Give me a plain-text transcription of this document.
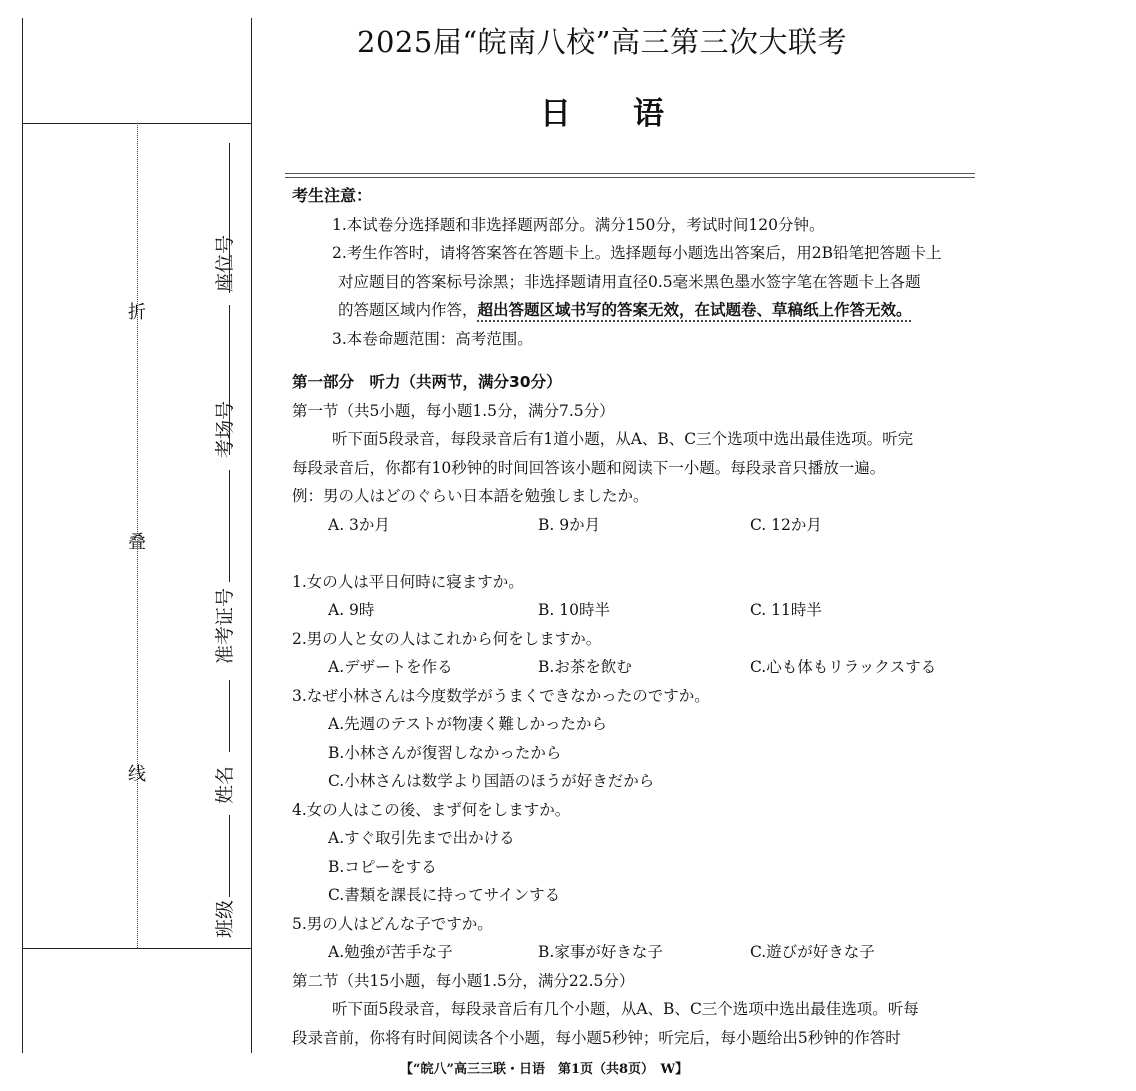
折
叠
线
座位号
考场号
准考证号
姓名
班级
2025届“皖南八校”高三第三次大联考
日　　语
考生注意：
1.本试卷分选择题和非选择题两部分。满分150分，考试时间120分钟。
2.考生作答时，请将答案答在答题卡上。选择题每小题选出答案后，用2B铅笔把答题卡上
对应题目的答案标号涂黑；非选择题请用直径0.5毫米黑色墨水签字笔在答题卡上各题
的答题区域内作答，超出答题区域书写的答案无效，在试题卷、草稿纸上作答无效。
3.本卷命题范围：高考范围。
第一部分　听力（共两节，满分30分）
第一节（共5小题，每小题1.5分，满分7.5分）
听下面5段录音，每段录音后有1道小题，从A、B、C三个选项中选出最佳选项。听完
每段录音后，你都有10秒钟的时间回答该小题和阅读下一小题。每段录音只播放一遍。
例：男の人はどのぐらい日本語を勉強しましたか。
A. 3か月	B. 9か月	C. 12か月
1.女の人は平日何時に寝ますか。
A. 9時	B. 10時半	C. 11時半
2.男の人と女の人はこれから何をしますか。
A.デザートを作る	B.お茶を飲む	C.心も体もリラックスする
3.なぜ小林さんは今度数学がうまくできなかったのですか。
A.先週のテストが物凄く難しかったから
B.小林さんが復習しなかったから
C.小林さんは数学より国語のほうが好きだから
4.女の人はこの後、まず何をしますか。
A.すぐ取引先まで出かける
B.コピーをする
C.書類を課長に持ってサインする
5.男の人はどんな子ですか。
A.勉強が苦手な子	B.家事が好きな子	C.遊びが好きな子
第二节（共15小题，每小题1.5分，满分22.5分）
听下面5段录音，每段录音后有几个小题，从A、B、C三个选项中选出最佳选项。听每
段录音前，你将有时间阅读各个小题，每小题5秒钟；听完后，每小题给出5秒钟的作答时
【“皖八”高三三联・日语　第1页（共8页）　W】
